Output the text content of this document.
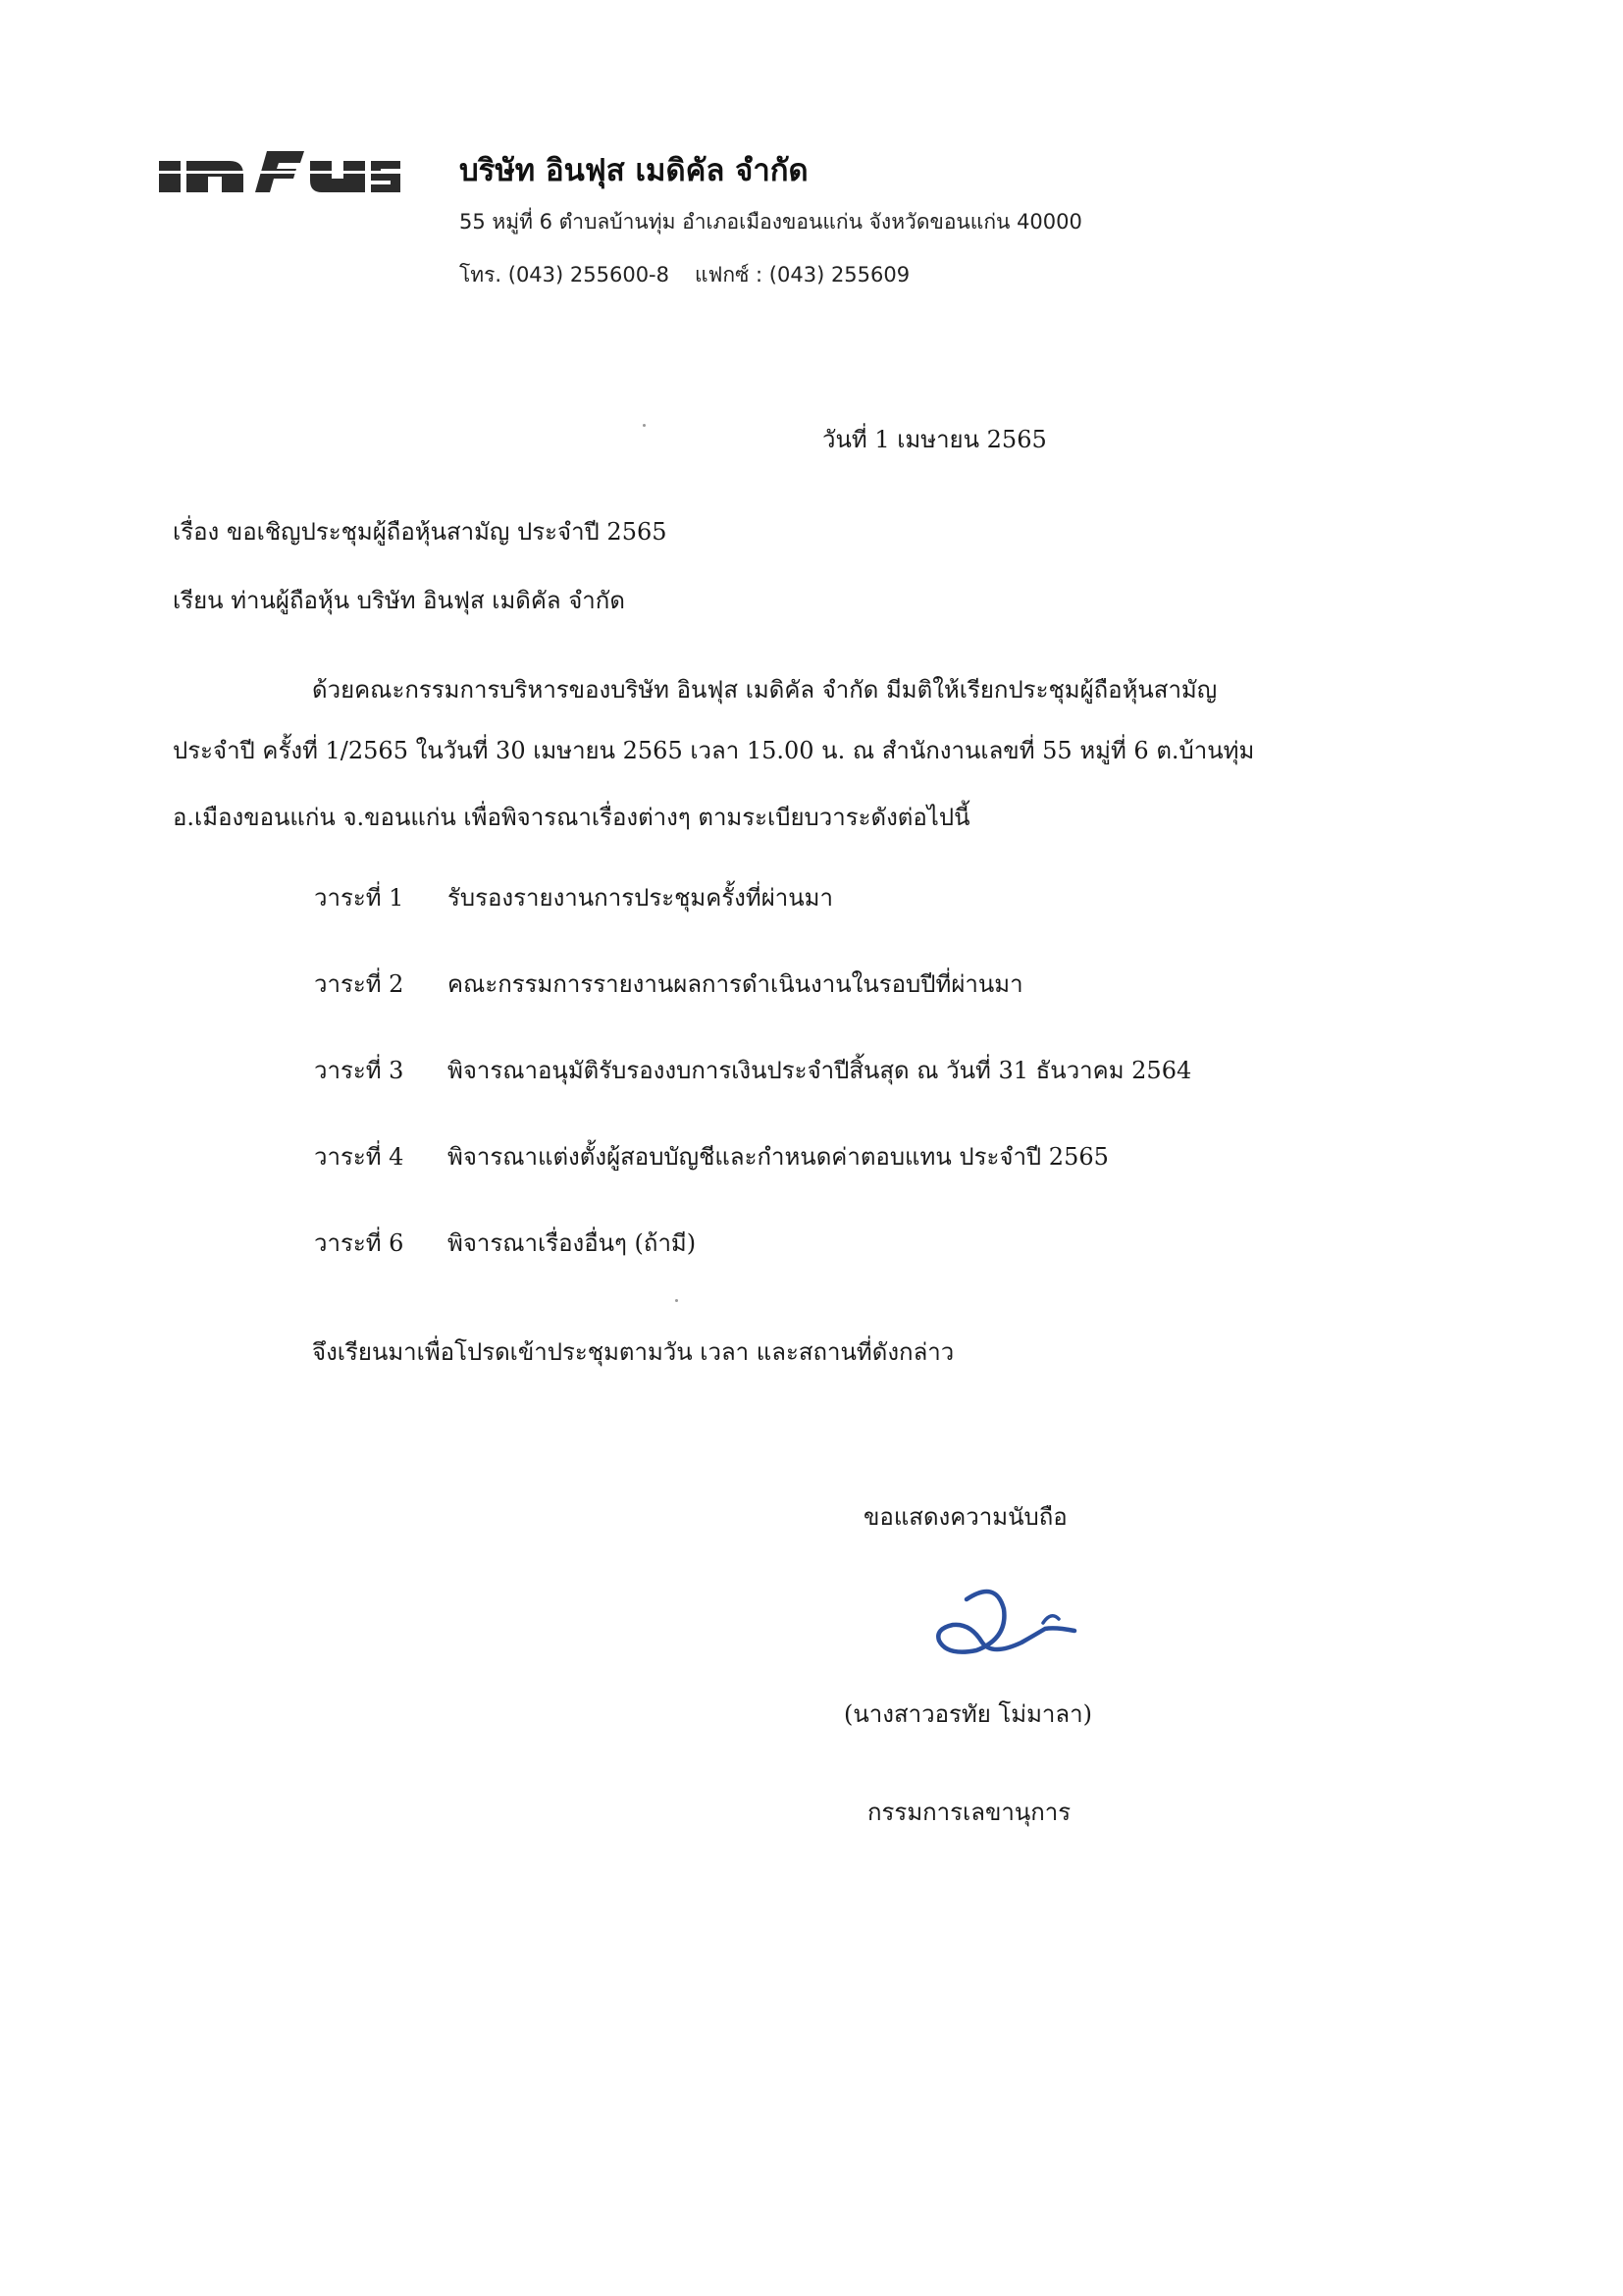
บริษัท อินฟุส เมดิคัล จำกัด
55 หมู่ที่ 6 ตำบลบ้านทุ่ม อำเภอเมืองขอนแก่น จังหวัดขอนแก่น 40000
โทร. (043) 255600-8 แฟกซ์ : (043) 255609
วันที่ 1 เมษายน 2565
เรื่อง ขอเชิญประชุมผู้ถือหุ้นสามัญ ประจำปี 2565
เรียน ท่านผู้ถือหุ้น บริษัท อินฟุส เมดิคัล จำกัด
ด้วยคณะกรรมการบริหารของบริษัท อินฟุส เมดิคัล จำกัด มีมติให้เรียกประชุมผู้ถือหุ้นสามัญ
ประจำปี ครั้งที่ 1/2565 ในวันที่ 30 เมษายน 2565 เวลา 15.00 น. ณ สำนักงานเลขที่ 55 หมู่ที่ 6 ต.บ้านทุ่ม
อ.เมืองขอนแก่น จ.ขอนแก่น เพื่อพิจารณาเรื่องต่างๆ ตามระเบียบวาระดังต่อไปนี้
วาระที่ 1	รับรองรายงานการประชุมครั้งที่ผ่านมา
วาระที่ 2	คณะกรรมการรายงานผลการดำเนินงานในรอบปีที่ผ่านมา
วาระที่ 3	พิจารณาอนุมัติรับรองงบการเงินประจำปีสิ้นสุด ณ วันที่ 31 ธันวาคม 2564
วาระที่ 4	พิจารณาแต่งตั้งผู้สอบบัญชีและกำหนดค่าตอบแทน ประจำปี 2565
วาระที่ 6	พิจารณาเรื่องอื่นๆ (ถ้ามี)
จึงเรียนมาเพื่อโปรดเข้าประชุมตามวัน เวลา และสถานที่ดังกล่าว
ขอแสดงความนับถือ
(นางสาวอรทัย โม่มาลา)
กรรมการเลขานุการ
